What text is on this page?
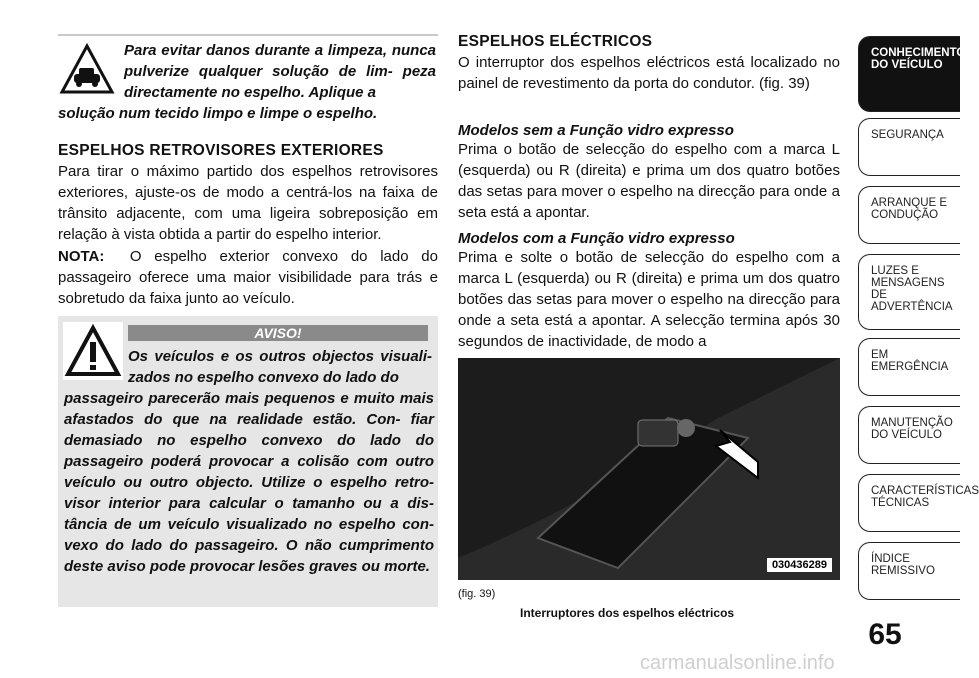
Para evitar danos durante a limpeza, nunca pulverize qualquer solução de lim- peza directamente no espelho. Aplique a
solução num tecido limpo e limpe o espelho.
ESPELHOS RETROVISORES EXTERIORES
Para tirar o máximo partido dos espelhos retrovisores exteriores, ajuste-os de modo a centrá-los na faixa de trânsito adjacente, com uma ligeira sobreposição em relação à vista obtida a partir do espelho interior.
NOTA: O espelho exterior convexo do lado do passageiro oferece uma maior visibilidade para trás e sobretudo da faixa junto ao veículo.
AVISO!
Os veículos e os outros objectos visuali- zados no espelho convexo do lado do
passageiro parecerão mais pequenos e muito mais afastados do que na realidade estão. Con- fiar demasiado no espelho convexo do lado do passageiro poderá provocar a colisão com outro veículo ou outro objecto. Utilize o espelho retro- visor interior para calcular o tamanho ou a dis- tância de um veículo visualizado no espelho con- vexo do lado do passageiro. O não cumprimento deste aviso pode provocar lesões graves ou morte.
ESPELHOS ELÉCTRICOS
O interruptor dos espelhos eléctricos está localizado no painel de revestimento da porta do condutor. (fig. 39)
Modelos sem a Função vidro expresso
Prima o botão de selecção do espelho com a marca L (esquerda) ou R (direita) e prima um dos quatro botões das setas para mover o espelho na direcção para onde a seta está a apontar.
Modelos com a Função vidro expresso
Prima e solte o botão de selecção do espelho com a marca L (esquerda) ou R (direita) e prima um dos quatro botões das setas para mover o espelho na direcção para onde a seta está a apontar. A selecção termina após 30 segundos de inactividade, de modo a
030436289
(fig. 39)
Interruptores dos espelhos eléctricos
CONHECIMENTO DO VEÍCULO
SEGURANÇA
ARRANQUE E CONDUÇÃO
LUZES E MENSAGENS DE ADVERTÊNCIA
EM EMERGÊNCIA
MANUTENÇÃO DO VEÍCULO
CARACTERÍSTICAS TÉCNICAS
ÍNDICE REMISSIVO
65
carmanualsonline.info
